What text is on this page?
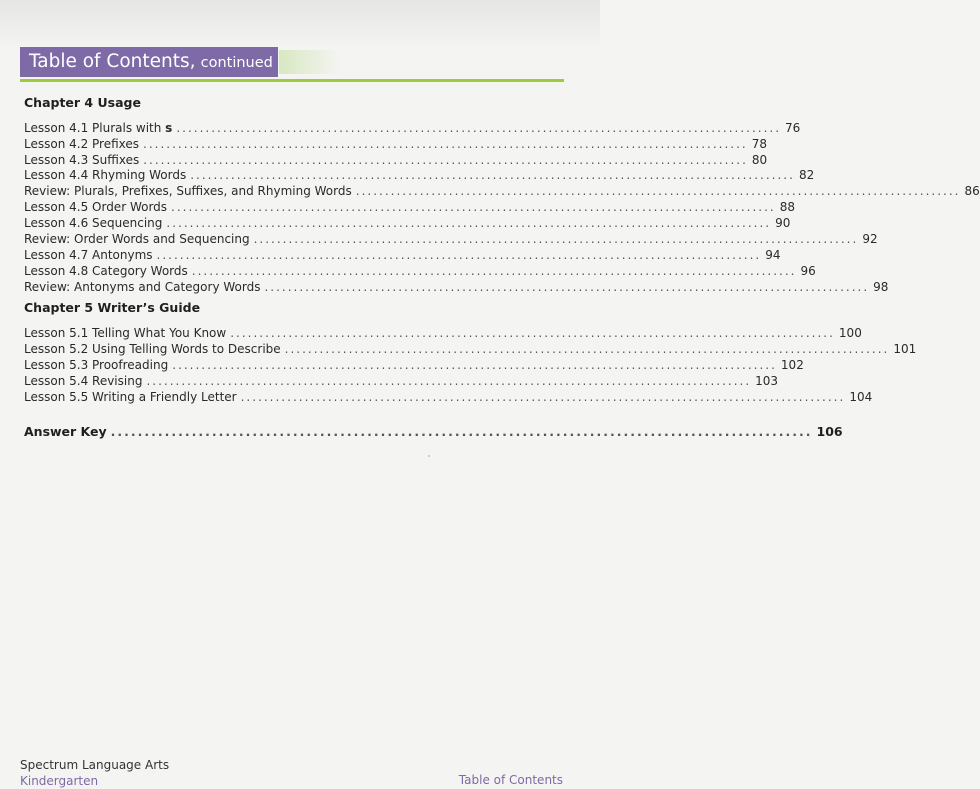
Table of Contents, continued
Chapter 4 Usage
Lesson 4.1 Plurals with s ........................................................................................................ 76
Lesson 4.2 Prefixes ........................................................................................................ 78
Lesson 4.3 Suffixes ........................................................................................................ 80
Lesson 4.4 Rhyming Words ........................................................................................................ 82
Review: Plurals, Prefixes, Suffixes, and Rhyming Words ........................................................................................................ 86
Lesson 4.5 Order Words ........................................................................................................ 88
Lesson 4.6 Sequencing ........................................................................................................ 90
Review: Order Words and Sequencing ........................................................................................................ 92
Lesson 4.7 Antonyms ........................................................................................................ 94
Lesson 4.8 Category Words ........................................................................................................ 96
Review: Antonyms and Category Words ........................................................................................................ 98
Chapter 5 Writer’s Guide
Lesson 5.1 Telling What You Know ........................................................................................................ 100
Lesson 5.2 Using Telling Words to Describe ........................................................................................................ 101
Lesson 5.3 Proofreading ........................................................................................................ 102
Lesson 5.4 Revising ........................................................................................................ 103
Lesson 5.5 Writing a Friendly Letter ........................................................................................................ 104
Answer Key ........................................................................................................ 106
Spectrum Language Arts
Kindergarten	Table of Contents
